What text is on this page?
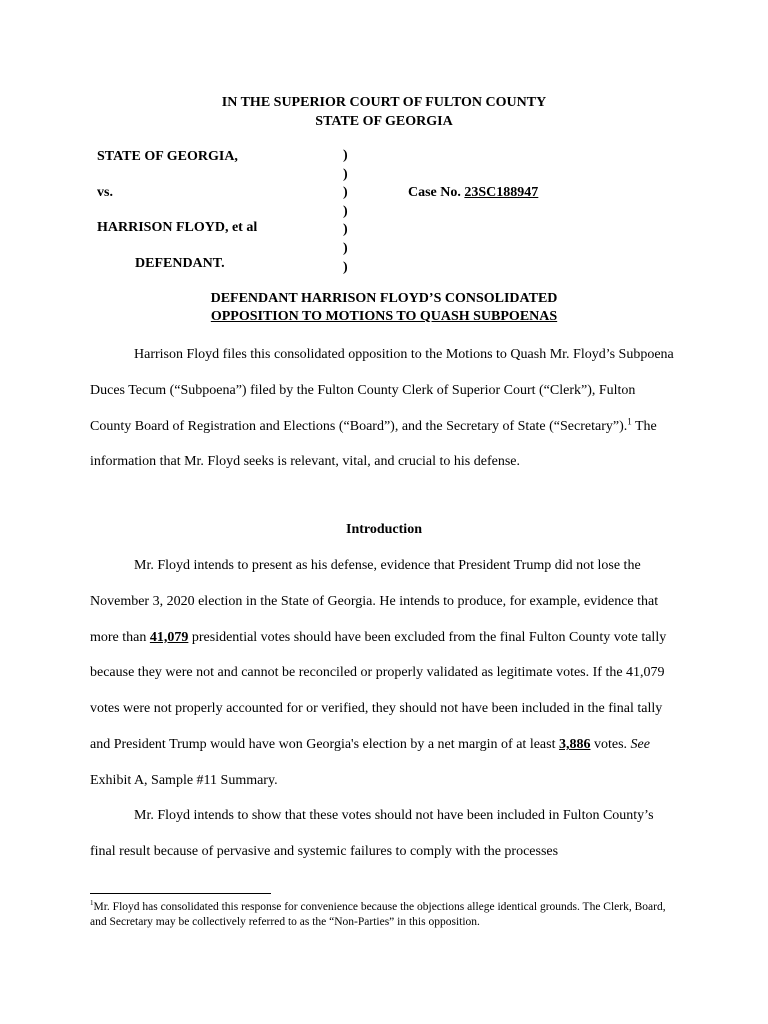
IN THE SUPERIOR COURT OF FULTON COUNTY
STATE OF GEORGIA
STATE OF GEORGIA,
vs.
HARRISON FLOYD, et al
DEFENDANT.
)
)
)
)
)
)
)
Case No. 23SC188947
DEFENDANT HARRISON FLOYD’S CONSOLIDATED
OPPOSITION TO MOTIONS TO QUASH SUBPOENAS
Harrison Floyd files this consolidated opposition to the Motions to Quash Mr. Floyd’s Subpoena Duces Tecum (“Subpoena”) filed by the Fulton County Clerk of Superior Court (“Clerk”), Fulton County Board of Registration and Elections (“Board”), and the Secretary of State (“Secretary”).$^1$ The information that Mr. Floyd seeks is relevant, vital, and crucial to his defense.
Introduction
Mr. Floyd intends to present as his defense, evidence that President Trump did not lose the November 3, 2020 election in the State of Georgia. He intends to produce, for example, evidence that more than 41,079 presidential votes should have been excluded from the final Fulton County vote tally because they were not and cannot be reconciled or properly validated as legitimate votes. If the 41,079 votes were not properly accounted for or verified, they should not have been included in the final tally and President Trump would have won Georgia's election by a net margin of at least 3,886 votes. See Exhibit A, Sample #11 Summary.
Mr. Floyd intends to show that these votes should not have been included in Fulton County’s final result because of pervasive and systemic failures to comply with the processes
$^1$Mr. Floyd has consolidated this response for convenience because the objections allege identical grounds. The Clerk, Board, and Secretary may be collectively referred to as the “Non-Parties” in this opposition.
